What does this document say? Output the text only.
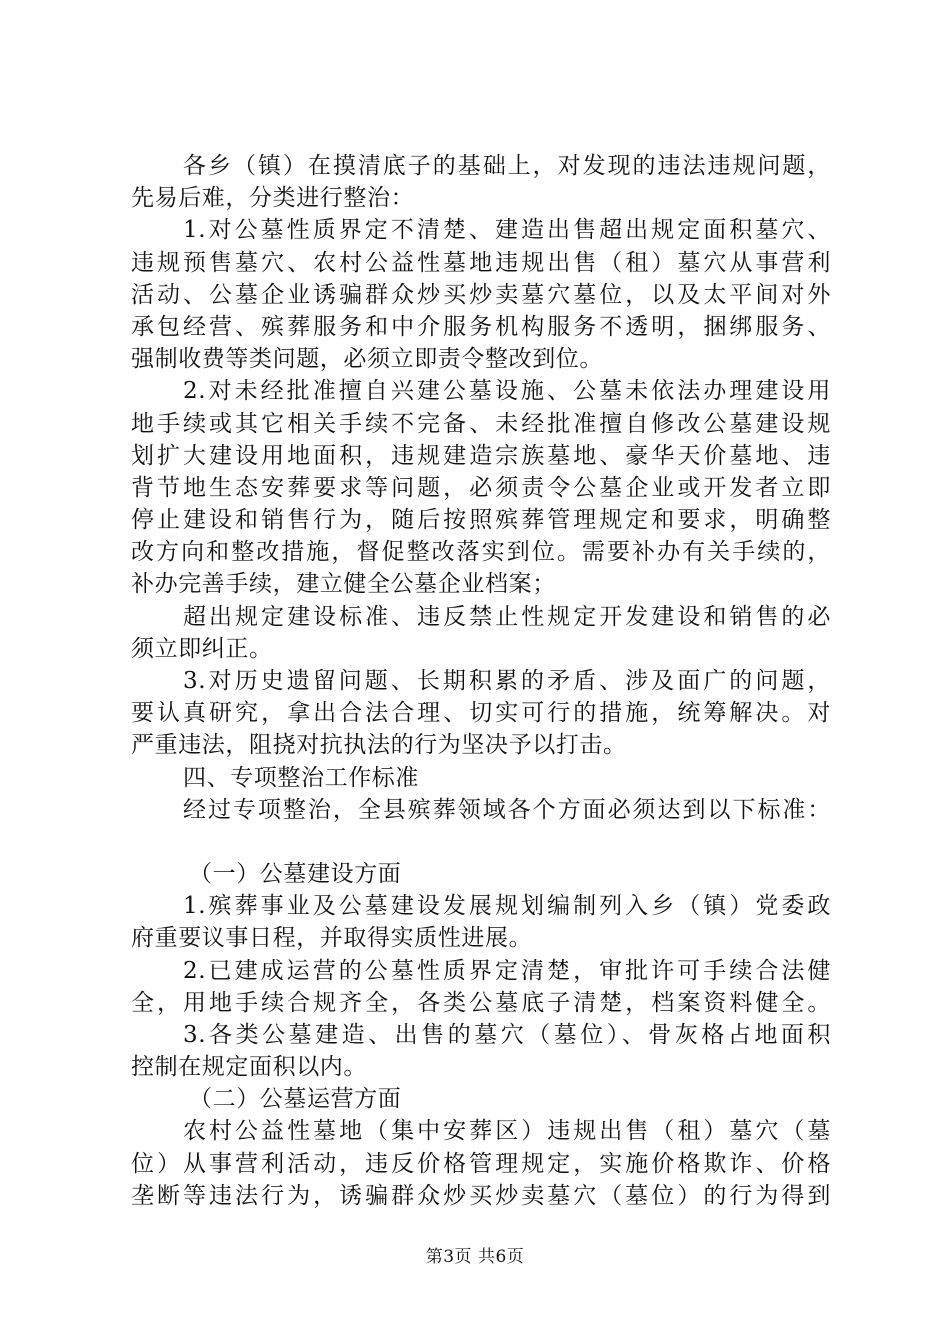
各乡（镇）在摸清底子的基础上，对发现的违法违规问题，
先易后难，分类进行整治：
1.对公墓性质界定不清楚、建造出售超出规定面积墓穴、
违规预售墓穴、农村公益性墓地违规出售（租）墓穴从事营利
活动、公墓企业诱骗群众炒买炒卖墓穴墓位，以及太平间对外
承包经营、殡葬服务和中介服务机构服务不透明，捆绑服务、
强制收费等类问题，必须立即责令整改到位。
2.对未经批准擅自兴建公墓设施、公墓未依法办理建设用
地手续或其它相关手续不完备、未经批准擅自修改公墓建设规
划扩大建设用地面积，违规建造宗族墓地、豪华天价墓地、违
背节地生态安葬要求等问题，必须责令公墓企业或开发者立即
停止建设和销售行为，随后按照殡葬管理规定和要求，明确整
改方向和整改措施，督促整改落实到位。需要补办有关手续的，
补办完善手续，建立健全公墓企业档案；
超出规定建设标准、违反禁止性规定开发建设和销售的必
须立即纠正。
3.对历史遗留问题、长期积累的矛盾、涉及面广的问题，
要认真研究，拿出合法合理、切实可行的措施，统筹解决。对
严重违法，阻挠对抗执法的行为坚决予以打击。
四、专项整治工作标准
经过专项整治，全县殡葬领域各个方面必须达到以下标准：
（一）公墓建设方面
1.殡葬事业及公墓建设发展规划编制列入乡（镇）党委政
府重要议事日程，并取得实质性进展。
2.已建成运营的公墓性质界定清楚，审批许可手续合法健
全，用地手续合规齐全，各类公墓底子清楚，档案资料健全。
3.各类公墓建造、出售的墓穴（墓位）、骨灰格占地面积
控制在规定面积以内。
（二）公墓运营方面
农村公益性墓地（集中安葬区）违规出售（租）墓穴（墓
位）从事营利活动，违反价格管理规定，实施价格欺诈、价格
垄断等违法行为，诱骗群众炒买炒卖墓穴（墓位）的行为得到
第3页 共6页
